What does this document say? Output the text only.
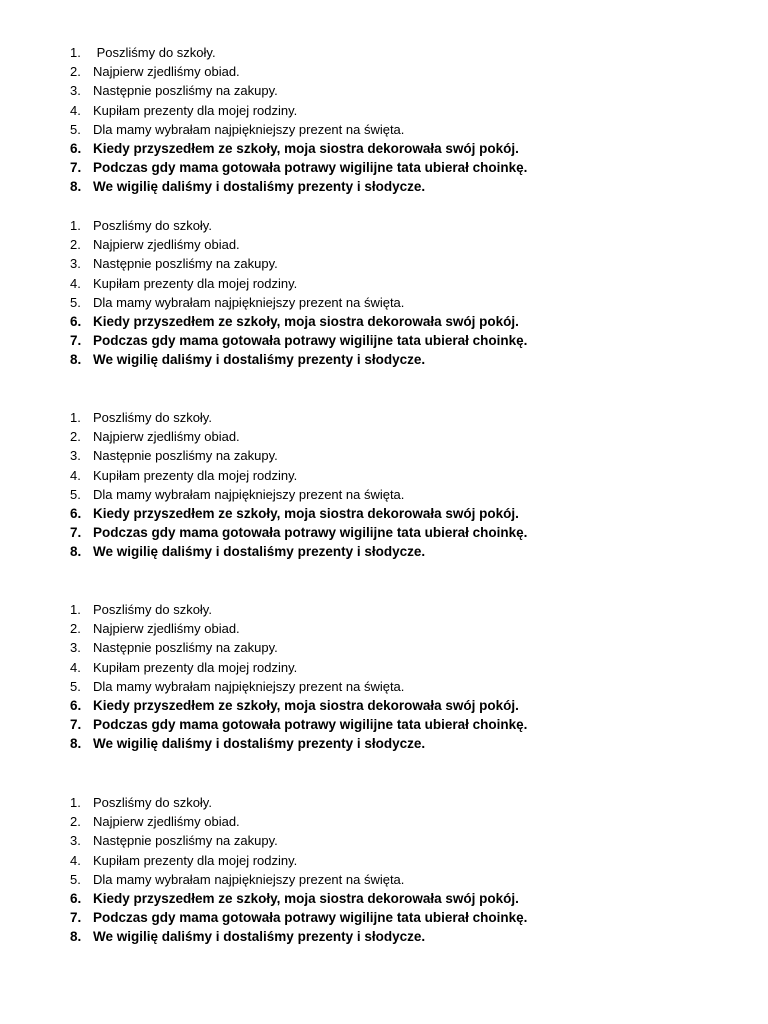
1. Poszliśmy do szkoły.
2. Najpierw zjedliśmy obiad.
3. Następnie poszliśmy na zakupy.
4. Kupiłam prezenty dla mojej rodziny.
5. Dla mamy wybrałam najpiękniejszy prezent na święta.
6. Kiedy przyszedłem ze szkoły, moja siostra dekorowała swój pokój.
7. Podczas gdy mama gotowała potrawy wigilijne tata ubierał choinkę.
8. We wigilię daliśmy i dostaliśmy prezenty i słodycze.
1. Poszliśmy do szkoły.
2. Najpierw zjedliśmy obiad.
3. Następnie poszliśmy na zakupy.
4. Kupiłam prezenty dla mojej rodziny.
5. Dla mamy wybrałam najpiękniejszy prezent na święta.
6. Kiedy przyszedłem ze szkoły, moja siostra dekorowała swój pokój.
7. Podczas gdy mama gotowała potrawy wigilijne tata ubierał choinkę.
8. We wigilię daliśmy i dostaliśmy prezenty i słodycze.
1. Poszliśmy do szkoły.
2. Najpierw zjedliśmy obiad.
3. Następnie poszliśmy na zakupy.
4. Kupiłam prezenty dla mojej rodziny.
5. Dla mamy wybrałam najpiękniejszy prezent na święta.
6. Kiedy przyszedłem ze szkoły, moja siostra dekorowała swój pokój.
7. Podczas gdy mama gotowała potrawy wigilijne tata ubierał choinkę.
8. We wigilię daliśmy i dostaliśmy prezenty i słodycze.
1. Poszliśmy do szkoły.
2. Najpierw zjedliśmy obiad.
3. Następnie poszliśmy na zakupy.
4. Kupiłam prezenty dla mojej rodziny.
5. Dla mamy wybrałam najpiękniejszy prezent na święta.
6. Kiedy przyszedłem ze szkoły, moja siostra dekorowała swój pokój.
7. Podczas gdy mama gotowała potrawy wigilijne tata ubierał choinkę.
8. We wigilię daliśmy i dostaliśmy prezenty i słodycze.
1. Poszliśmy do szkoły.
2. Najpierw zjedliśmy obiad.
3. Następnie poszliśmy na zakupy.
4. Kupiłam prezenty dla mojej rodziny.
5. Dla mamy wybrałam najpiękniejszy prezent na święta.
6. Kiedy przyszedłem ze szkoły, moja siostra dekorowała swój pokój.
7. Podczas gdy mama gotowała potrawy wigilijne tata ubierał choinkę.
8. We wigilię daliśmy i dostaliśmy prezenty i słodycze.
